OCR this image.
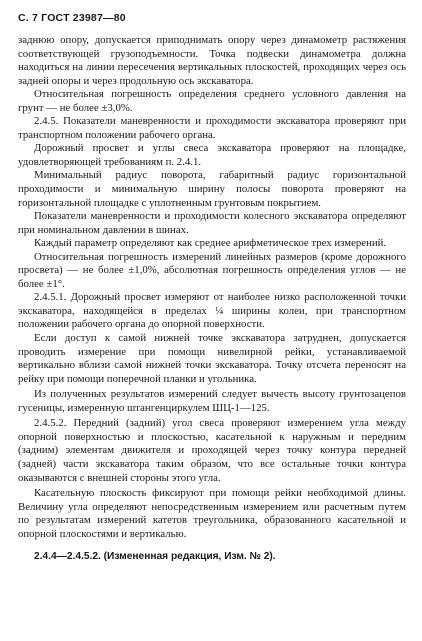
С. 7 ГОСТ 23987—80

заднюю опору, допускается приподнимать опору через динамометр растяжения соответствующей грузоподъемности. Точка подвески динамометра должна находиться на линии пересечения вертикальных плоскостей, проходящих через ось задней опоры и через продольную ось экскаватора.

Относительная погрешность определения среднего условного давления на грунт — не более ±3,0%.

2.4.5. Показатели маневренности и проходимости экскаватора проверяют при транспортном положении рабочего органа.

Дорожный просвет и углы свеса экскаватора проверяют на площадке, удовлетворяющей требованиям п. 2.4.1.

Минимальный радиус поворота, габаритный радиус горизонтальной проходимости и минимальную ширину полосы поворота проверяют на горизонтальной площадке с уплотненным грунтовым покрытием.

Показатели маневренности и проходимости колесного экскаватора определяют при номинальном давлении в шинах.

Каждый параметр определяют как среднее арифметическое трех измерений.

Относительная погрешность измерений линейных размеров (кроме дорожного просвета) — не более ±1,0%, абсолютная погрешность определения углов — не более ±1°.

2.4.5.1. Дорожный просвет измеряют от наиболее низко расположенной точки экскаватора, находящейся в пределах ¼ ширины колеи, при транспортном положении рабочего органа до опорной поверхности.

Если доступ к самой нижней точке экскаватора затруднен, допускается проводить измерение при помощи нивелирной рейки, устанавливаемой вертикально вблизи самой нижней точки экскаватора. Точку отсчета переносят на рейку при помощи поперечной планки и угольника.

Из полученных результатов измерений следует вычесть высоту грунтозацепов гусеницы, измеренную штангенциркулем ШЦ-1—125.

2.4.5.2. Передний (задний) угол свеса проверяют измерением угла между опорной поверхностью и плоскостью, касательной к наружным и передним (задним) элементам движителя и проходящей через точку контура передней (задней) части экскаватора таким образом, что все остальные точки контура оказываются с внешней стороны этого угла.

Касательную плоскость фиксируют при помощи рейки необходимой длины. Величину угла определяют непосредственным измерением или расчетным путем по результатам измерений катетов треугольника, образованного касательной и опорной плоскостями и вертикалью.

2.4.4—2.4.5.2. (Измененная редакция, Изм. № 2).
